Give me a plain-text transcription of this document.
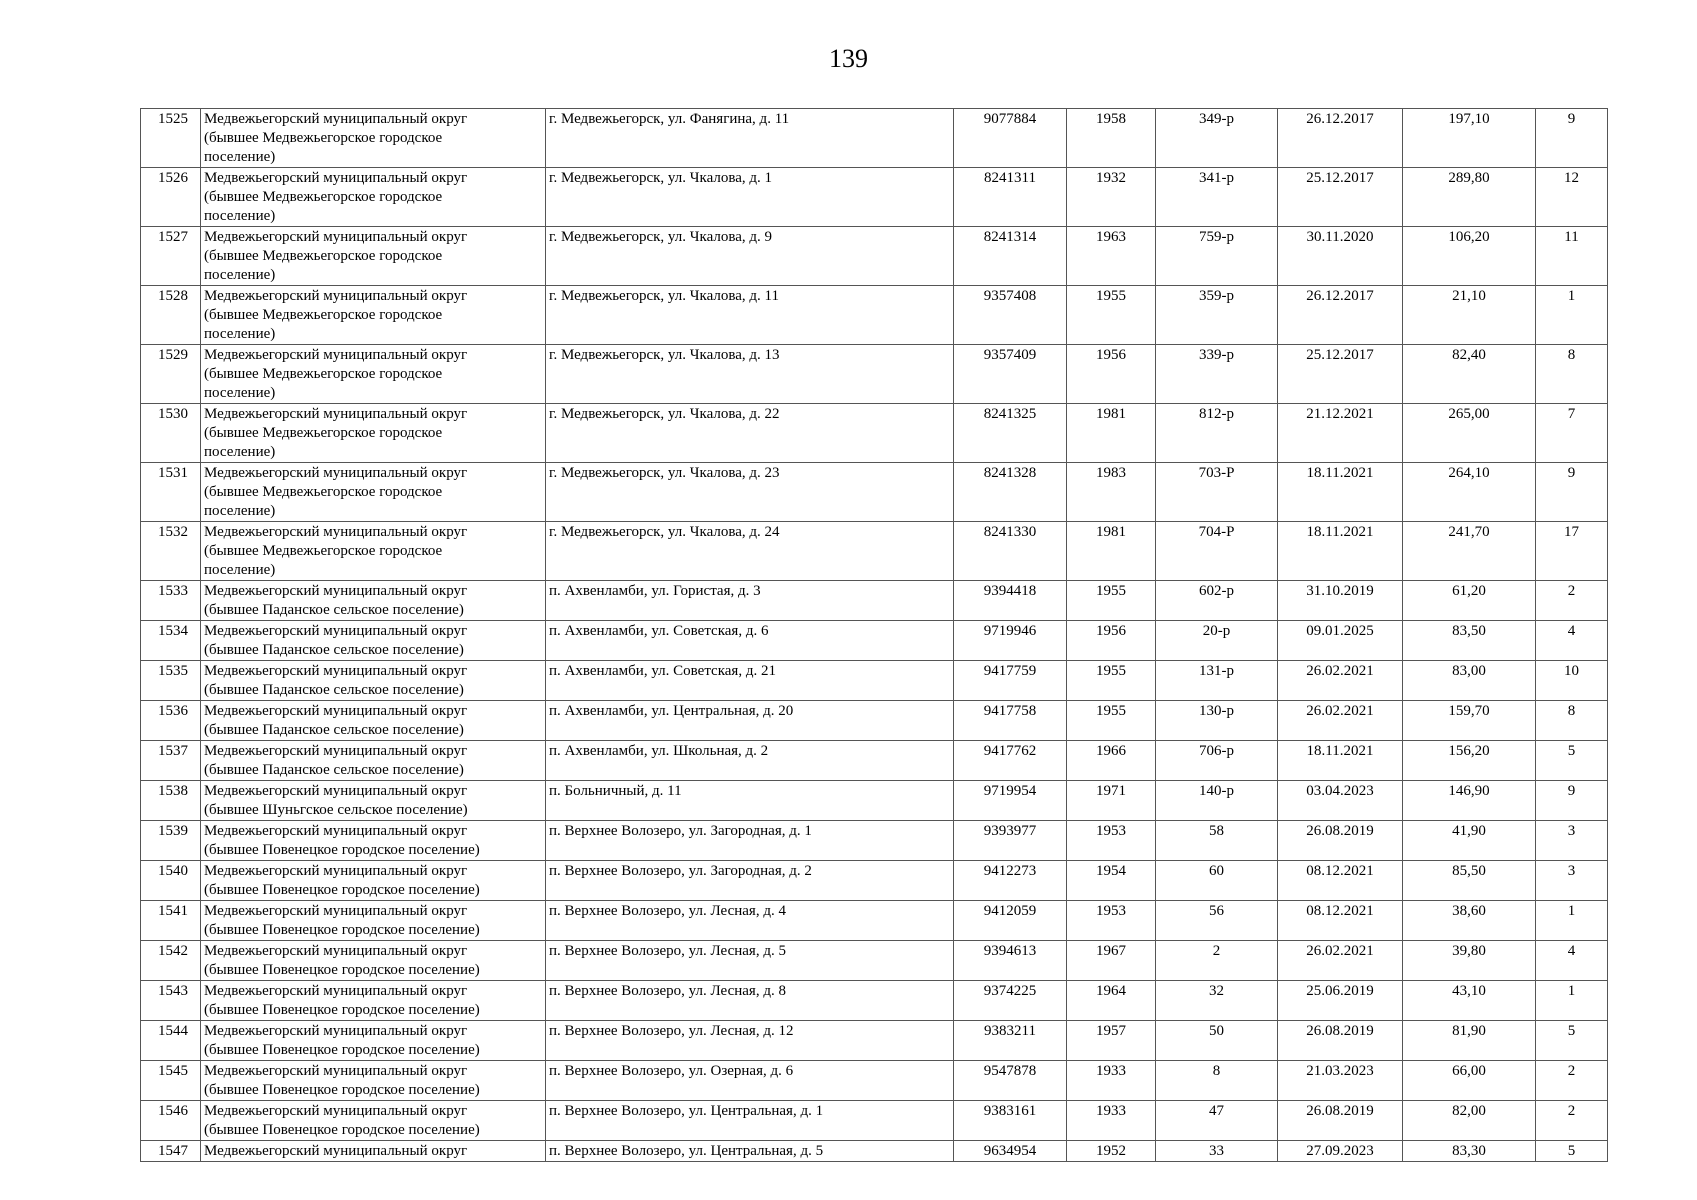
139
1525	Медвежьегорский муниципальный округ
(бывшее Медвежьегорское городское
поселение)	г. Медвежьегорск, ул. Фанягина, д. 11	9077884	1958	349-р	26.12.2017	197,10	9
1526	Медвежьегорский муниципальный округ
(бывшее Медвежьегорское городское
поселение)	г. Медвежьегорск, ул. Чкалова, д. 1	8241311	1932	341-р	25.12.2017	289,80	12
1527	Медвежьегорский муниципальный округ
(бывшее Медвежьегорское городское
поселение)	г. Медвежьегорск, ул. Чкалова, д. 9	8241314	1963	759-р	30.11.2020	106,20	11
1528	Медвежьегорский муниципальный округ
(бывшее Медвежьегорское городское
поселение)	г. Медвежьегорск, ул. Чкалова, д. 11	9357408	1955	359-р	26.12.2017	21,10	1
1529	Медвежьегорский муниципальный округ
(бывшее Медвежьегорское городское
поселение)	г. Медвежьегорск, ул. Чкалова, д. 13	9357409	1956	339-р	25.12.2017	82,40	8
1530	Медвежьегорский муниципальный округ
(бывшее Медвежьегорское городское
поселение)	г. Медвежьегорск, ул. Чкалова, д. 22	8241325	1981	812-р	21.12.2021	265,00	7
1531	Медвежьегорский муниципальный округ
(бывшее Медвежьегорское городское
поселение)	г. Медвежьегорск, ул. Чкалова, д. 23	8241328	1983	703-Р	18.11.2021	264,10	9
1532	Медвежьегорский муниципальный округ
(бывшее Медвежьегорское городское
поселение)	г. Медвежьегорск, ул. Чкалова, д. 24	8241330	1981	704-Р	18.11.2021	241,70	17
1533	Медвежьегорский муниципальный округ
(бывшее Паданское сельское поселение)	п. Ахвенламби, ул. Гористая, д. 3	9394418	1955	602-р	31.10.2019	61,20	2
1534	Медвежьегорский муниципальный округ
(бывшее Паданское сельское поселение)	п. Ахвенламби, ул. Советская, д. 6	9719946	1956	20-р	09.01.2025	83,50	4
1535	Медвежьегорский муниципальный округ
(бывшее Паданское сельское поселение)	п. Ахвенламби, ул. Советская, д. 21	9417759	1955	131-р	26.02.2021	83,00	10
1536	Медвежьегорский муниципальный округ
(бывшее Паданское сельское поселение)	п. Ахвенламби, ул. Центральная, д. 20	9417758	1955	130-р	26.02.2021	159,70	8
1537	Медвежьегорский муниципальный округ
(бывшее Паданское сельское поселение)	п. Ахвенламби, ул. Школьная, д. 2	9417762	1966	706-р	18.11.2021	156,20	5
1538	Медвежьегорский муниципальный округ
(бывшее Шуньгское сельское поселение)	п. Больничный, д. 11	9719954	1971	140-р	03.04.2023	146,90	9
1539	Медвежьегорский муниципальный округ
(бывшее Повенецкое городское поселение)	п. Верхнее Волозеро, ул. Загородная, д. 1	9393977	1953	58	26.08.2019	41,90	3
1540	Медвежьегорский муниципальный округ
(бывшее Повенецкое городское поселение)	п. Верхнее Волозеро, ул. Загородная, д. 2	9412273	1954	60	08.12.2021	85,50	3
1541	Медвежьегорский муниципальный округ
(бывшее Повенецкое городское поселение)	п. Верхнее Волозеро, ул. Лесная, д. 4	9412059	1953	56	08.12.2021	38,60	1
1542	Медвежьегорский муниципальный округ
(бывшее Повенецкое городское поселение)	п. Верхнее Волозеро, ул. Лесная, д. 5	9394613	1967	2	26.02.2021	39,80	4
1543	Медвежьегорский муниципальный округ
(бывшее Повенецкое городское поселение)	п. Верхнее Волозеро, ул. Лесная, д. 8	9374225	1964	32	25.06.2019	43,10	1
1544	Медвежьегорский муниципальный округ
(бывшее Повенецкое городское поселение)	п. Верхнее Волозеро, ул. Лесная, д. 12	9383211	1957	50	26.08.2019	81,90	5
1545	Медвежьегорский муниципальный округ
(бывшее Повенецкое городское поселение)	п. Верхнее Волозеро, ул. Озерная, д. 6	9547878	1933	8	21.03.2023	66,00	2
1546	Медвежьегорский муниципальный округ
(бывшее Повенецкое городское поселение)	п. Верхнее Волозеро, ул. Центральная, д. 1	9383161	1933	47	26.08.2019	82,00	2
1547	Медвежьегорский муниципальный округ	п. Верхнее Волозеро, ул. Центральная, д. 5	9634954	1952	33	27.09.2023	83,30	5
